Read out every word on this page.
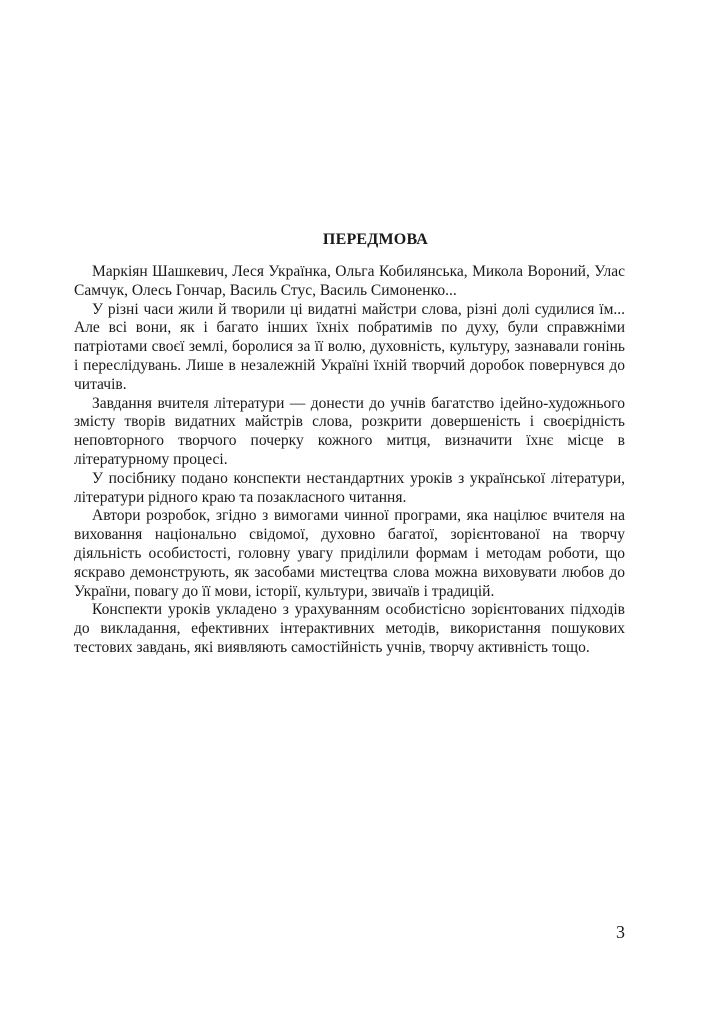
ПЕРЕДМОВА

Маркіян Шашкевич, Леся Українка, Ольга Кобилянська, Микола Вороний, Улас Самчук, Олесь Гончар, Василь Стус, Василь Симоненко...

У різні часи жили й творили ці видатні майстри слова, різні долі судилися їм... Але всі вони, як і багато інших їхніх побратимів по духу, були справжніми патріотами своєї землі, боролися за її волю, духовність, культуру, зазнавали гонінь і переслідувань. Лише в незалежній Україні їхній творчий доробок повернувся до читачів.

Завдання вчителя літератури — донести до учнів багатство ідейно-художнього змісту творів видатних майстрів слова, розкрити довершеність і своєрідність неповторного творчого почерку кожного митця, визначити їхнє місце в літературному процесі.

У посібнику подано конспекти нестандартних уроків з української літератури, літератури рідного краю та позакласного читання.

Автори розробок, згідно з вимогами чинної програми, яка націлює вчителя на виховання національно свідомої, духовно багатої, зорієнтованої на творчу діяльність особистості, головну увагу приділили формам і методам роботи, що яскраво демонструють, як засобами мистецтва слова можна виховувати любов до України, повагу до її мови, історії, культури, звичаїв і традицій.

Конспекти уроків укладено з урахуванням особистісно зорієнтованих підходів до викладання, ефективних інтерактивних методів, використання пошукових тестових завдань, які виявляють самостійність учнів, творчу активність тощо.

3
